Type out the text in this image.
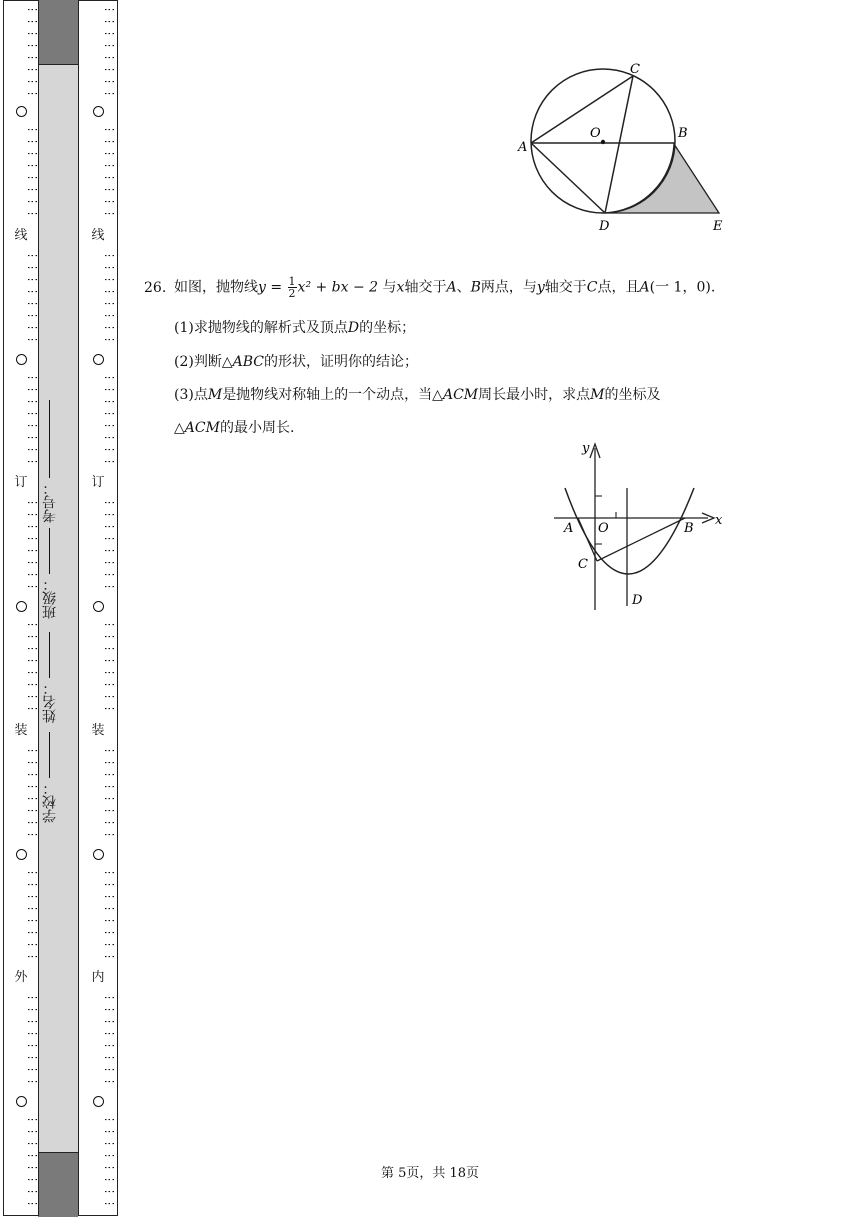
⋮⋮⋮⋮⋮⋮⋮⋮
⋮⋮⋮⋮⋮⋮⋮⋮
线
⋮⋮⋮⋮⋮⋮⋮⋮
⋮⋮⋮⋮⋮⋮⋮⋮
订
⋮⋮⋮⋮⋮⋮⋮⋮
⋮⋮⋮⋮⋮⋮⋮⋮
装
⋮⋮⋮⋮⋮⋮⋮⋮
⋮⋮⋮⋮⋮⋮⋮⋮
外
⋮⋮⋮⋮⋮⋮⋮⋮
⋮⋮⋮⋮⋮⋮⋮⋮
⋮⋮⋮⋮⋮⋮⋮⋮
⋮⋮⋮⋮⋮⋮⋮⋮
线
⋮⋮⋮⋮⋮⋮⋮⋮
⋮⋮⋮⋮⋮⋮⋮⋮
订
⋮⋮⋮⋮⋮⋮⋮⋮
⋮⋮⋮⋮⋮⋮⋮⋮
装
⋮⋮⋮⋮⋮⋮⋮⋮
⋮⋮⋮⋮⋮⋮⋮⋮
内
⋮⋮⋮⋮⋮⋮⋮⋮
⋮⋮⋮⋮⋮⋮⋮⋮
考号：
班级：
姓名：
学校：
C
O	B
A
D	E
26. 如图，抛物线$y = \frac{1}{2} x^2$ + bx − 2 与x轴交于A、B两点，与y轴交于C点，且A(一 1，0).
(1)求抛物线的解析式及顶点D的坐标；
(2)判断△ABC的形状，证明你的结论；
(3)点M是抛物线对称轴上的一个动点，当△ACM周长最小时，求点M的坐标及
△ACM的最小周长.
y
x
A O	B
C
D
第 5页，共 18页
